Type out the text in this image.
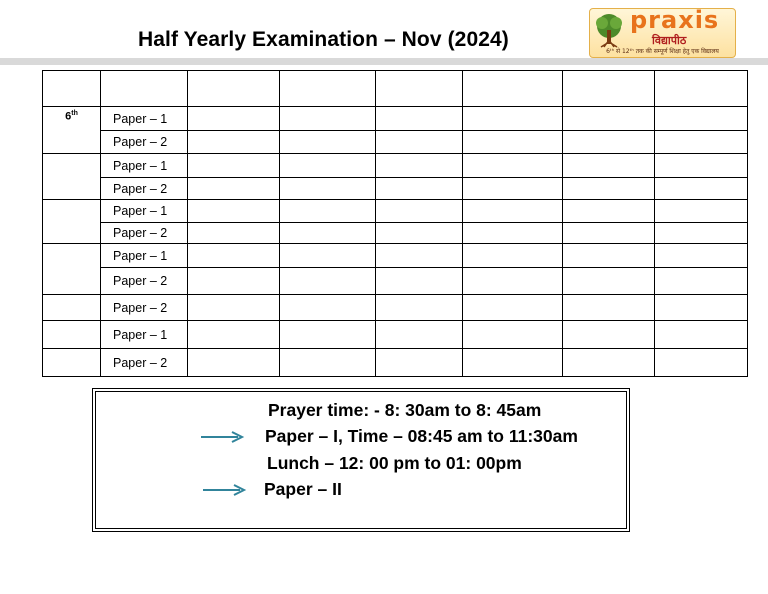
Half Yearly Examination – Nov (2024)
praxis
विद्यापीठ
6ᵗʰ से 12ᵗʰ तक की सम्पूर्ण शिक्षा हेतु एक विद्यालय

6th	Paper – 1						
	Paper – 2						
	Paper – 1						
	Paper – 2						
	Paper – 1						
	Paper – 2						
	Paper – 1						
	Paper – 2						
	Paper – 2						
	Paper – 1						
	Paper – 2						
Prayer time: - 8: 30am to 8: 45am
Paper – I, Time – 08:45 am to 11:30am
Lunch – 12: 00 pm to 01: 00pm
Paper – II
